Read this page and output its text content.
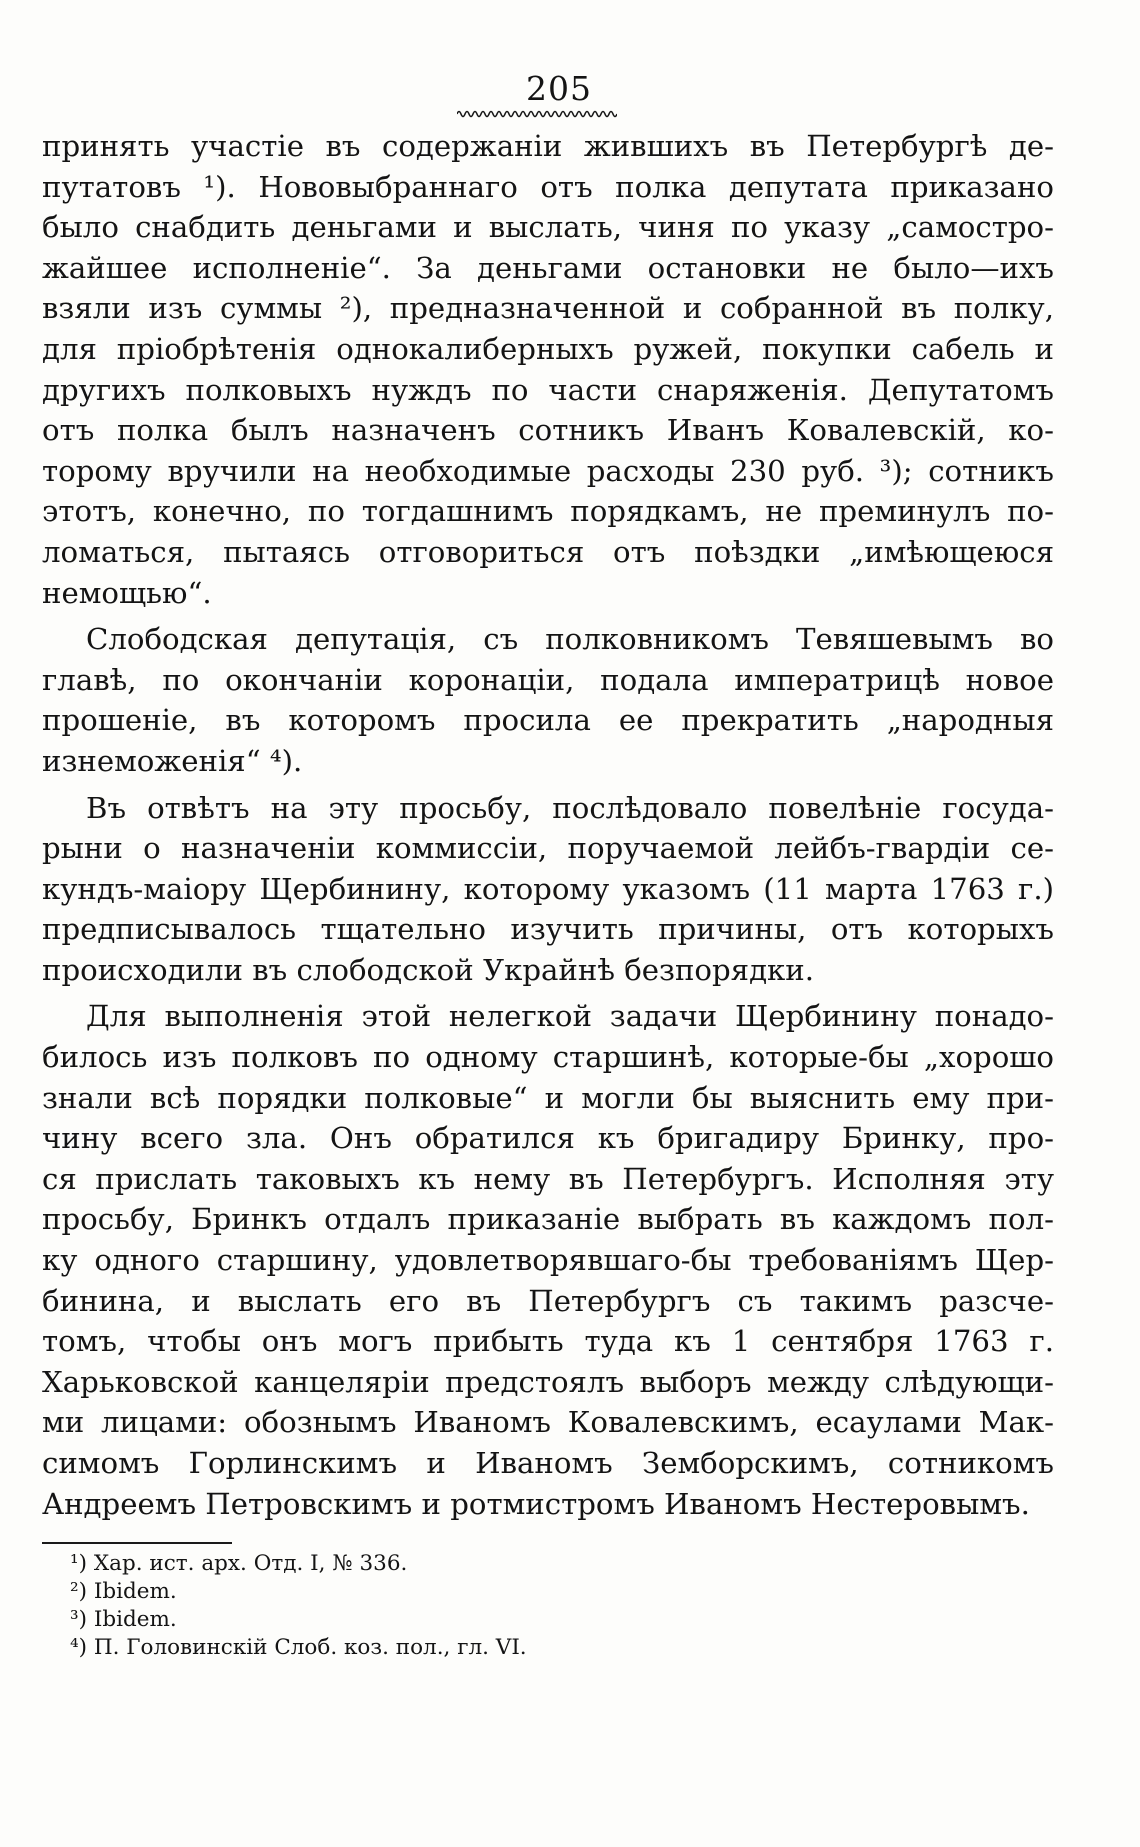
205
принять участіе въ содержаніи жившихъ въ Петербургѣ де-
путатовъ ¹). Нововыбраннаго отъ полка депутата приказано
было снабдить деньгами и выслать, чиня по указу „самостро-
жайшее исполненіе“. За деньгами остановки не было—ихъ
взяли изъ суммы ²), предназначенной и собранной въ полку,
для пріобрѣтенія однокалиберныхъ ружей, покупки сабель и
другихъ полковыхъ нуждъ по части снаряженія. Депутатомъ
отъ полка былъ назначенъ сотникъ Иванъ Ковалевскій, ко-
торому вручили на необходимые расходы 230 руб. ³); сотникъ
этотъ, конечно, по тогдашнимъ порядкамъ, не преминулъ по-
ломаться, пытаясь отговориться отъ поѣздки „имѣющеюся
немощью“.
Слободская депутація, съ полковникомъ Тевяшевымъ во
главѣ, по окончаніи коронаціи, подала императрицѣ новое
прошеніе, въ которомъ просила ее прекратить „народныя
изнеможенія“ ⁴).
Въ отвѣтъ на эту просьбу, послѣдовало повелѣніе госуда-
рыни о назначеніи коммиссіи, поручаемой лейбъ-гвардіи се-
кундъ-маіору Щербинину, которому указомъ (11 марта 1763 г.)
предписывалось тщательно изучить причины, отъ которыхъ
происходили въ слободской Украйнѣ безпорядки.
Для выполненія этой нелегкой задачи Щербинину понадо-
билось изъ полковъ по одному старшинѣ, которые-бы „хорошо
знали всѣ порядки полковые“ и могли бы выяснить ему при-
чину всего зла. Онъ обратился къ бригадиру Бринку, про-
ся прислать таковыхъ къ нему въ Петербургъ. Исполняя эту
просьбу, Бринкъ отдалъ приказаніе выбрать въ каждомъ пол-
ку одного старшину, удовлетворявшаго-бы требованіямъ Щер-
бинина, и выслать его въ Петербургъ съ такимъ разсче-
томъ, чтобы онъ могъ прибыть туда къ 1 сентября 1763 г.
Харьковской канцеляріи предстоялъ выборъ между слѣдующи-
ми лицами: обознымъ Иваномъ Ковалевскимъ, есаулами Мак-
симомъ Горлинскимъ и Иваномъ Земборскимъ, сотникомъ
Андреемъ Петровскимъ и ротмистромъ Иваномъ Нестеровымъ.
¹) Хар. ист. арх. Отд. I, № 336.
²) Ibidem.
³) Ibidem.
⁴) П. Головинскій Слоб. коз. пол., гл. VI.
